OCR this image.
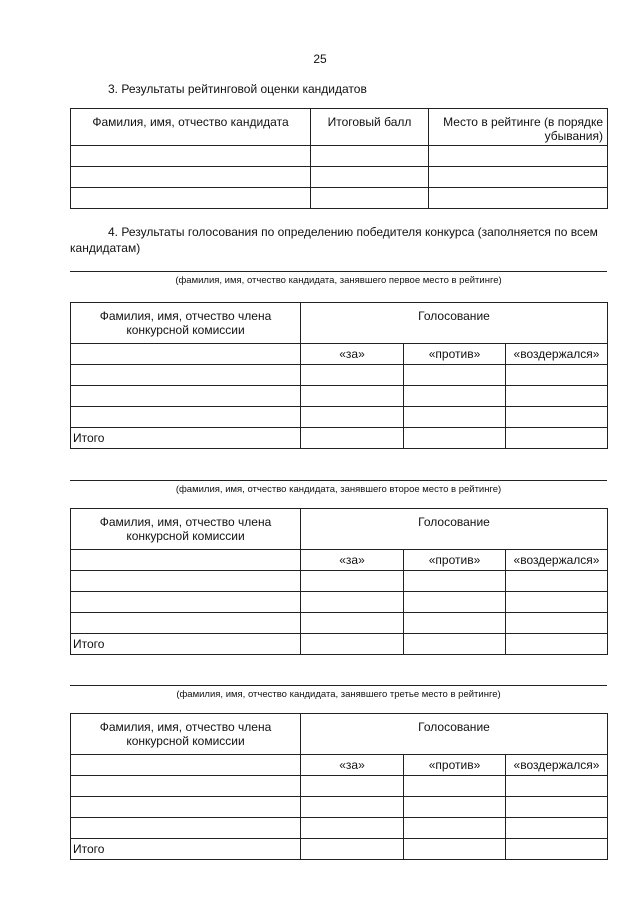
25
3. Результаты рейтинговой оценки кандидатов
Фамилия, имя, отчество кандидата	Итоговый балл	Место в рейтинге (в порядке убывания)

4. Результаты голосования по определению победителя конкурса (заполняется по всем кандидатам)
(фамилия, имя, отчество кандидата, занявшего первое место в рейтинге)
Фамилия, имя, отчество члена конкурсной комиссии	Голосование		

	«за»	«против»	«воздержался»

Итого			
(фамилия, имя, отчество кандидата, занявшего второе место в рейтинге)
Фамилия, имя, отчество члена конкурсной комиссии	Голосование		

	«за»	«против»	«воздержался»

Итого			
(фамилия, имя, отчество кандидата, занявшего третье место в рейтинге)
Фамилия, имя, отчество члена конкурсной комиссии	Голосование		

	«за»	«против»	«воздержался»

Итого			
